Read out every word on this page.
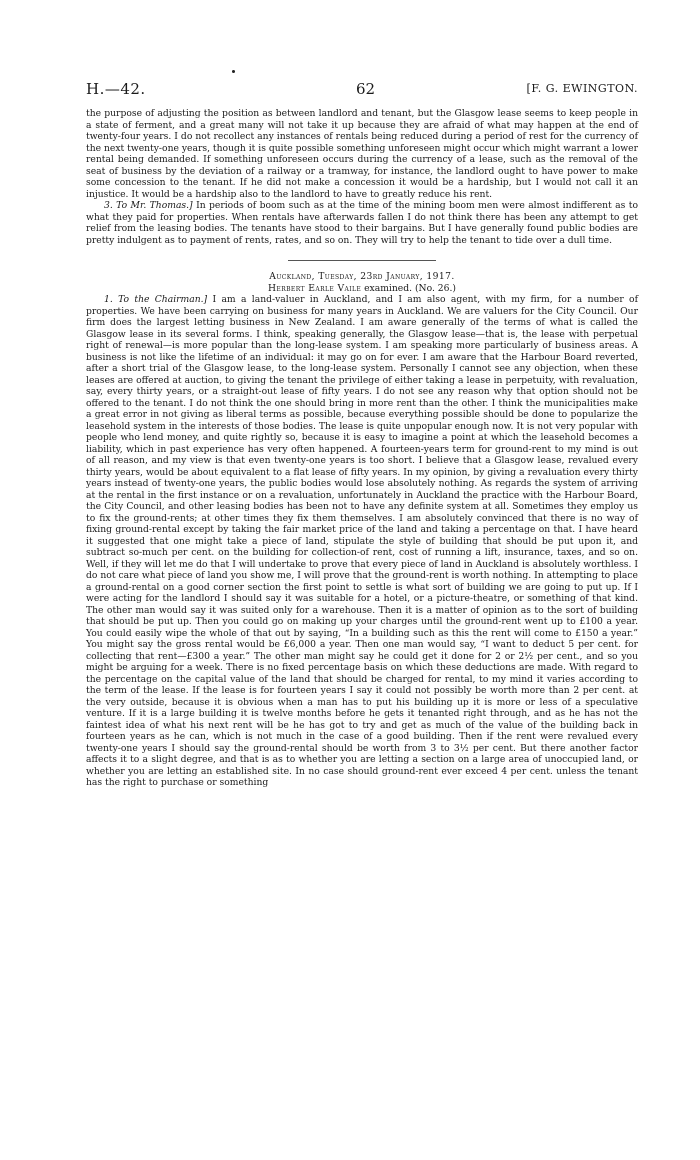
H.—42.	62	[F. G. EWINGTON.

the purpose of adjusting the position as between landlord and tenant, but the Glasgow lease seems to keep people in a state of ferment, and a great many will not take it up because they are afraid of what may happen at the end of twenty-four years. I do not recollect any instances of rentals being reduced during a period of rest for the currency of the next twenty-one years, though it is quite possible something unforeseen might occur which might warrant a lower rental being demanded. If something unforeseen occurs during the currency of a lease, such as the removal of the seat of business by the deviation of a railway or a tramway, for instance, the landlord ought to have power to make some concession to the tenant. If he did not make a concession it would be a hardship, but I would not call it an injustice. It would be a hardship also to the landlord to have to greatly reduce his rent.

3. To Mr. Thomas.] In periods of boom such as at the time of the mining boom men were almost indifferent as to what they paid for properties. When rentals have afterwards fallen I do not think there has been any attempt to get relief from the leasing bodies. The tenants have stood to their bargains. But I have generally found public bodies are pretty indulgent as to payment of rents, rates, and so on. They will try to help the tenant to tide over a dull time.

Auckland, Tuesday, 23rd January, 1917.

Herbert Earle Vaile examined. (No. 26.)

1. To the Chairman.] I am a land-valuer in Auckland, and I am also agent, with my firm, for a number of properties. We have been carrying on business for many years in Auckland. We are valuers for the City Council. Our firm does the largest letting business in New Zealand. I am aware generally of the terms of what is called the Glasgow lease in its several forms. I think, speaking generally, the Glasgow lease—that is, the lease with perpetual right of renewal—is more popular than the long-lease system. I am speaking more particularly of business areas. A business is not like the lifetime of an individual: it may go on for ever. I am aware that the Harbour Board reverted, after a short trial of the Glasgow lease, to the long-lease system. Personally I cannot see any objection, when these leases are offered at auction, to giving the tenant the privilege of either taking a lease in perpetuity, with revaluation, say, every thirty years, or a straight-out lease of fifty years. I do not see any reason why that option should not be offered to the tenant. I do not think the one should bring in more rent than the other. I think the municipalities make a great error in not giving as liberal terms as possible, because everything possible should be done to popularize the leasehold system in the interests of those bodies. The lease is quite unpopular enough now. It is not very popular with people who lend money, and quite rightly so, because it is easy to imagine a point at which the leasehold becomes a liability, which in past experience has very often happened. A fourteen-years term for ground-rent to my mind is out of all reason, and my view is that even twenty-one years is too short. I believe that a Glasgow lease, revalued every thirty years, would be about equivalent to a flat lease of fifty years. In my opinion, by giving a revaluation every thirty years instead of twenty-one years, the public bodies would lose absolutely nothing. As regards the system of arriving at the rental in the first instance or on a revaluation, unfortunately in Auckland the practice with the Harbour Board, the City Council, and other leasing bodies has been not to have any definite system at all. Sometimes they employ us to fix the ground-rents; at other times they fix them themselves. I am absolutely convinced that there is no way of fixing ground-rental except by taking the fair market price of the land and taking a percentage on that. I have heard it suggested that one might take a piece of land, stipulate the style of building that should be put upon it, and subtract so-much per cent. on the building for collection-of rent, cost of running a lift, insurance, taxes, and so on. Well, if they will let me do that I will undertake to prove that every piece of land in Auckland is absolutely worthless. I do not care what piece of land you show me, I will prove that the ground-rent is worth nothing. In attempting to place a ground-rental on a good corner section the first point to settle is what sort of building we are going to put up. If I were acting for the landlord I should say it was suitable for a hotel, or a picture-theatre, or something of that kind. The other man would say it was suited only for a warehouse. Then it is a matter of opinion as to the sort of building that should be put up. Then you could go on making up your charges until the ground-rent went up to £100 a year. You could easily wipe the whole of that out by saying, “In a building such as this the rent will come to £150 a year.” You might say the gross rental would be £6,000 a year. Then one man would say, “I want to deduct 5 per cent. for collecting that rent—£300 a year.” The other man might say he could get it done for 2 or 2½ per cent., and so you might be arguing for a week. There is no fixed percentage basis on which these deductions are made. With regard to the percentage on the capital value of the land that should be charged for rental, to my mind it varies according to the term of the lease. If the lease is for fourteen years I say it could not possibly be worth more than 2 per cent. at the very outside, because it is obvious when a man has to put his building up it is more or less of a speculative venture. If it is a large building it is twelve months before he gets it tenanted right through, and as he has not the faintest idea of what his next rent will be he has got to try and get as much of the value of the building back in fourteen years as he can, which is not much in the case of a good building. Then if the rent were revalued every twenty-one years I should say the ground-rental should be worth from 3 to 3½ per cent. But there another factor affects it to a slight degree, and that is as to whether you are letting a section on a large area of unoccupied land, or whether you are letting an established site. In no case should ground-rent ever exceed 4 per cent. unless the tenant has the right to purchase or something
